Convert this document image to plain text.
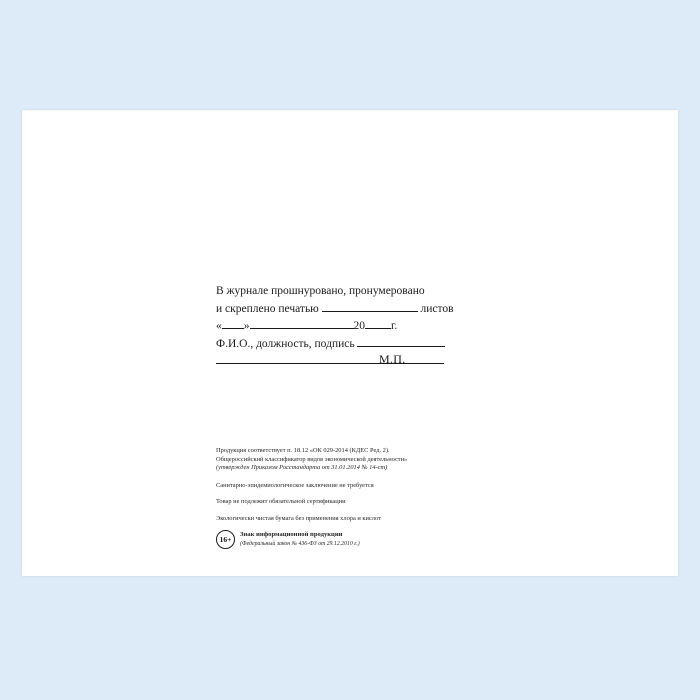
В журнале прошнуровано, пронумеровано
и скреплено печатью	листов
« »	20 г.
Ф.И.О., должность, подпись
М.П.

Продукция соответствует п. 18.12 «ОК 029-2014 (КДЕС Ред. 2).
Общероссийский классификатор видов экономической деятельности»
(утвержден Приказом Росстандарта от 31.01.2014 № 14-ст)

Санитарно-эпидемиологическое заключение не требуется

Товар не подлежит обязательной сертификации

Экологически чистая бумага без применения хлора и кислот

16+
Знак информационной продукции
(Федеральный закон № 436-ФЗ от 29.12.2010 г.)
